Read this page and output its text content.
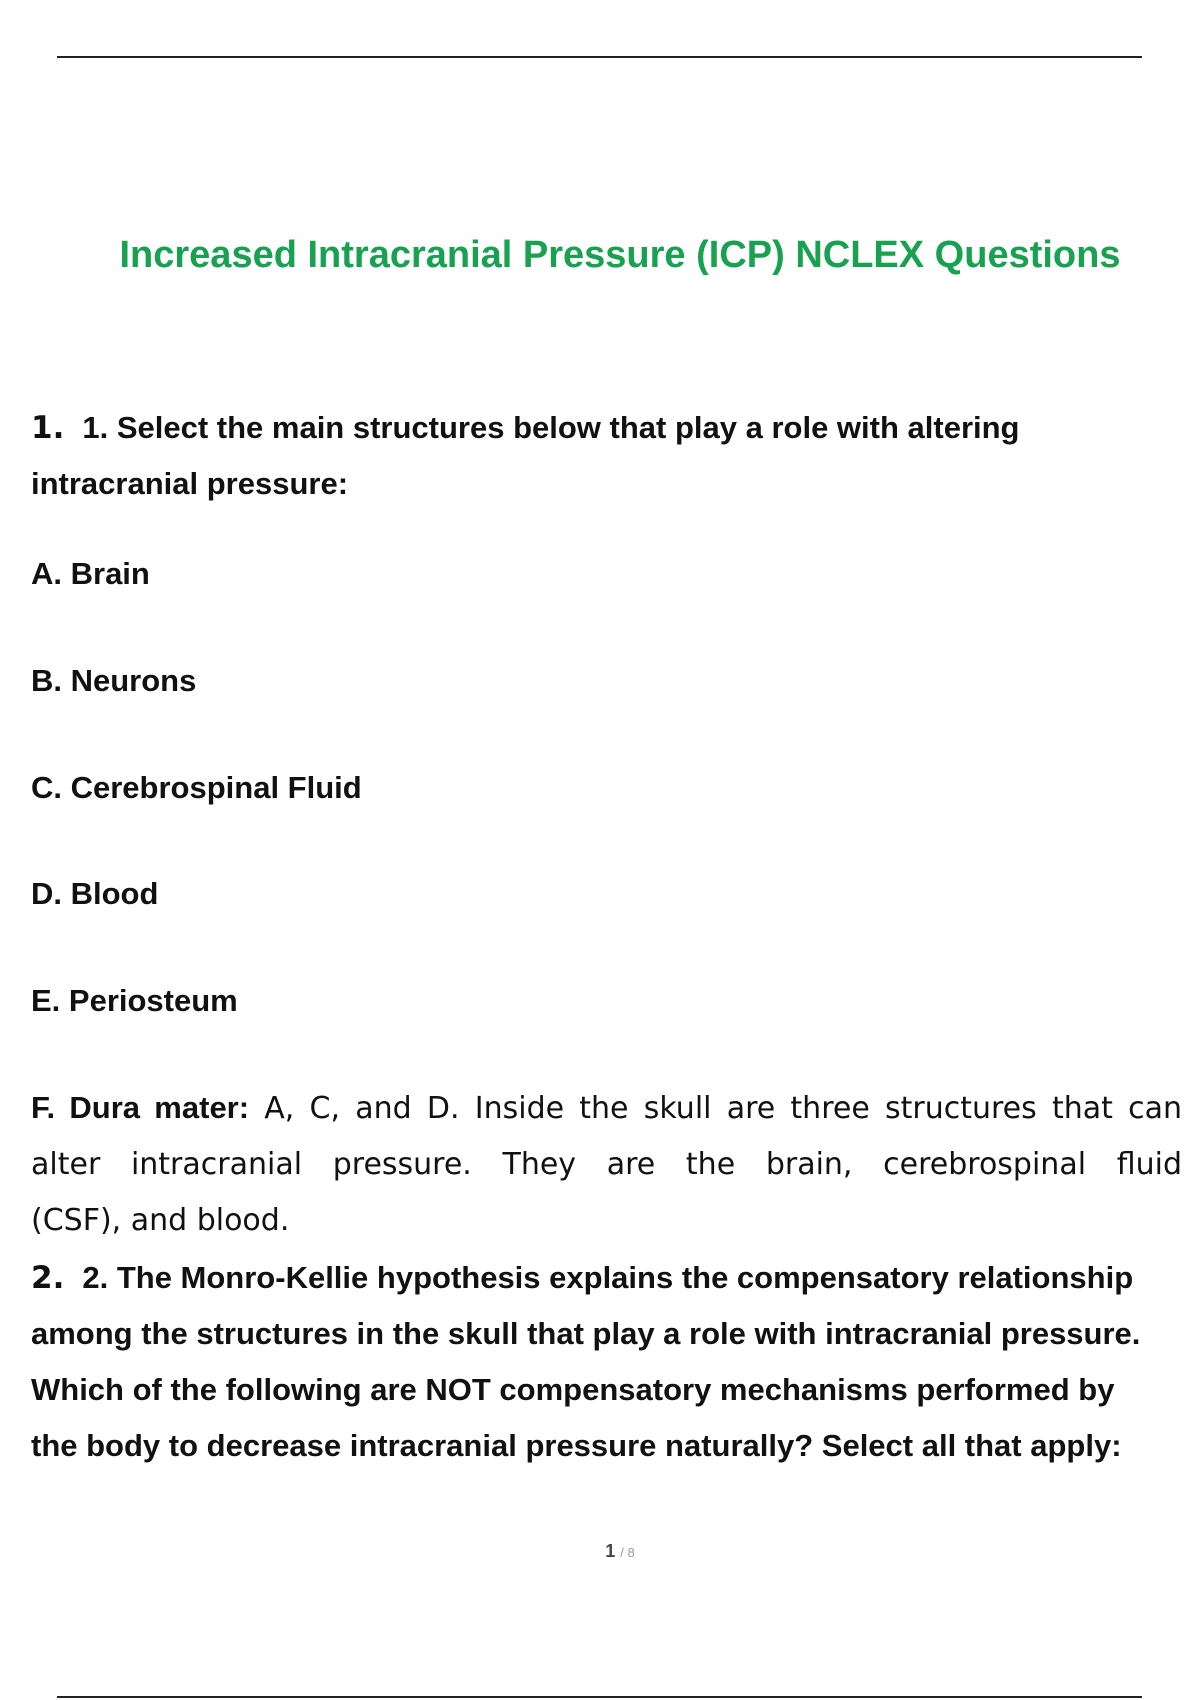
Increased Intracranial Pressure (ICP) NCLEX Questions
1. 1. Select the main structures below that play a role with altering
intracranial pressure:
A. Brain
B. Neurons
C. Cerebrospinal Fluid
D. Blood
E. Periosteum
F. Dura mater: A, C, and D. Inside the skull are three structures that can
alter intracranial pressure. They are the brain, cerebrospinal fluid
(CSF), and blood.
2. 2. The Monro-Kellie hypothesis explains the compensatory relationship
among the structures in the skull that play a role with intracranial pressure.
Which of the following are NOT compensatory mechanisms performed by
the body to decrease intracranial pressure naturally? Select all that apply:
1 / 8
